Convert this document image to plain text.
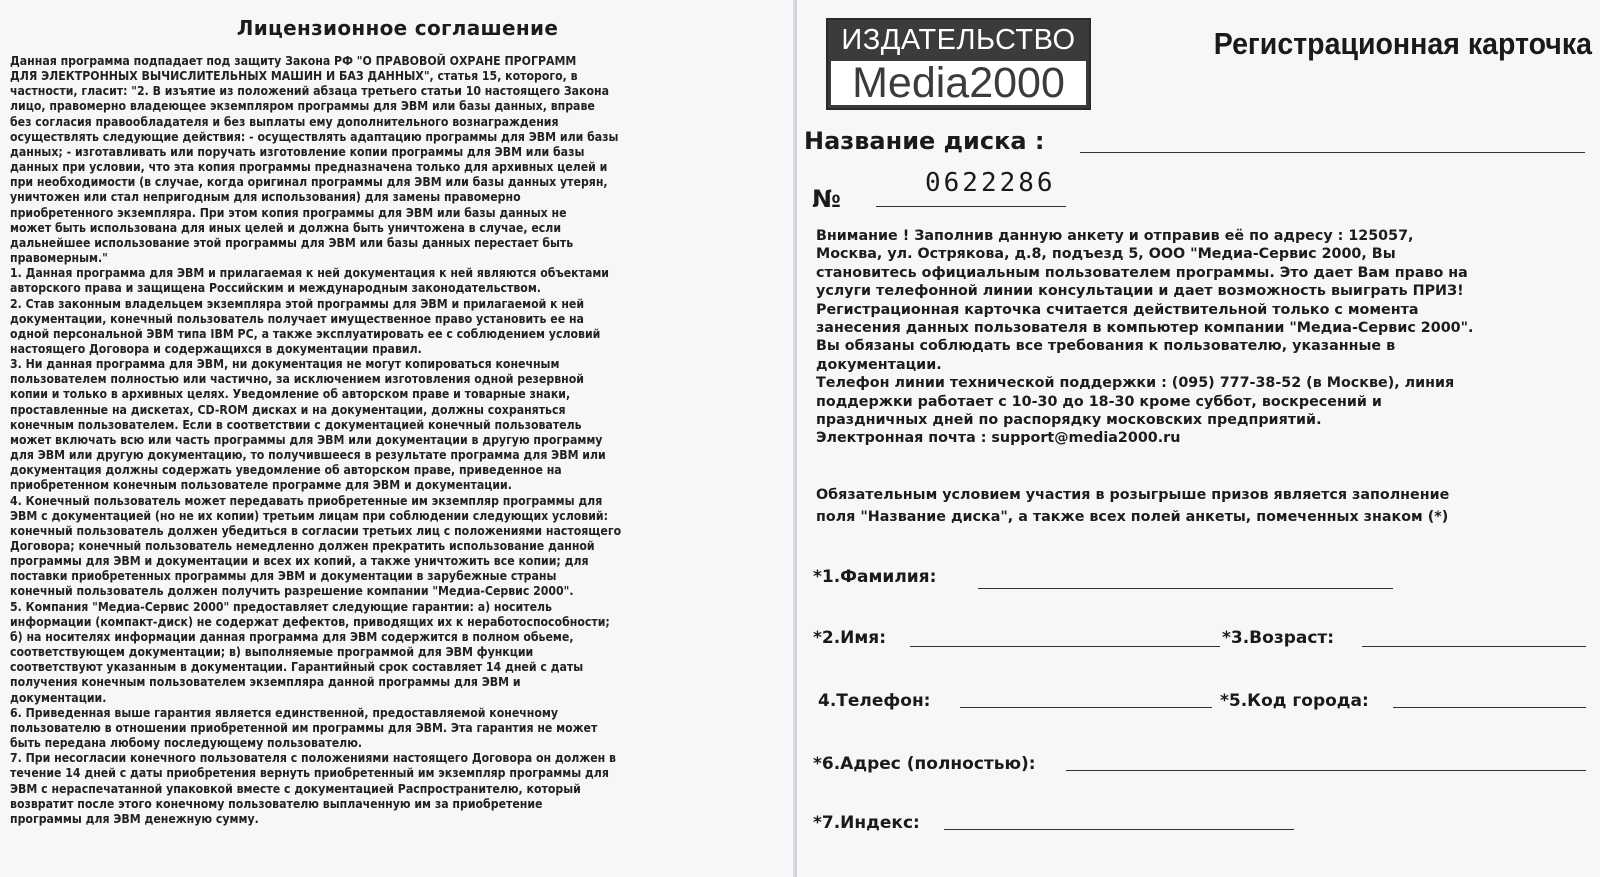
Лицензионное соглашение
Данная программа подпадает под защиту Закона РФ "О ПРАВОВОЙ ОХРАНЕ ПРОГРАММ
ДЛЯ ЭЛЕКТРОННЫХ ВЫЧИСЛИТЕЛЬНЫХ МАШИН И БАЗ ДАННЫХ", статья 15, которого, в
частности, гласит: "2. В изъятие из положений абзаца третьего статьи 10 настоящего Закона
лицо, правомерно владеющее экземпляром программы для ЭВМ или базы данных, вправе
без согласия правообладателя и без выплаты ему дополнительного вознаграждения
осуществлять следующие действия: - осуществлять адаптацию программы для ЭВМ или базы
данных; - изготавливать или поручать изготовление копии программы для ЭВМ или базы
данных при условии, что эта копия программы предназначена только для архивных целей и
при необходимости (в случае, когда оригинал программы для ЭВМ или базы данных утерян,
уничтожен или стал непригодным для использования) для замены правомерно
приобретенного экземпляра. При этом копия программы для ЭВМ или базы данных не
может быть использована для иных целей и должна быть уничтожена в случае, если
дальнейшее использование этой программы для ЭВМ или базы данных перестает быть
правомерным."
1. Данная программа для ЭВМ и прилагаемая к ней документация к ней являются объектами
авторского права и защищена Российским и международным законодательством.
2. Став законным владельцем экземпляра этой программы для ЭВМ и прилагаемой к ней
документации, конечный пользователь получает имущественное право установить ее на
одной персональной ЭВМ типа IBM PC, а также эксплуатировать ее с соблюдением условий
настоящего Договора и содержащихся в документации правил.
3. Ни данная программа для ЭВМ, ни документация не могут копироваться конечным
пользователем полностью или частично, за исключением изготовления одной резервной
копии и только в архивных целях. Уведомление об авторском праве и товарные знаки,
проставленные на дискетах, CD-ROM дисках и на документации, должны сохраняться
конечным пользователем. Если в соответствии с документацией конечный пользователь
может включать всю или часть программы для ЭВМ или документации в другую программу
для ЭВМ или другую документацию, то получившееся в результате программа для ЭВМ или
документация должны содержать уведомление об авторском праве, приведенное на
приобретенном конечным пользователе программе для ЭВМ и документации.
4. Конечный пользователь может передавать приобретенные им экземпляр программы для
ЭВМ с документацией (но не их копии) третьим лицам при соблюдении следующих условий:
конечный пользователь должен убедиться в согласии третьих лиц с положениями настоящего
Договора; конечный пользователь немедленно должен прекратить использование данной
программы для ЭВМ и документации и всех их копий, а также уничтожить все копии; для
поставки приобретенных программы для ЭВМ и документации в зарубежные страны
конечный пользователь должен получить разрешение компании "Медиа-Сервис 2000".
5. Компания "Медиа-Сервис 2000" предоставляет следующие гарантии: а) носитель
информации (компакт-диск) не содержат дефектов, приводящих их к неработоспособности;
б) на носителях информации данная программа для ЭВМ содержится в полном обьеме,
соответствующем документации; в) выполняемые программой для ЭВМ функции
соответствуют указанным в документации. Гарантийный срок составляет 14 дней с даты
получения конечным пользователем экземпляра данной программы для ЭВМ и
документации.
6. Приведенная выше гарантия является единственной, предоставляемой конечному
пользователю в отношении приобретенной им программы для ЭВМ. Эта гарантия не может
быть передана любому последующему пользователю.
7. При несогласии конечного пользователя с положениями настоящего Договора он должен в
течение 14 дней с даты приобретения вернуть приобретенный им экземпляр программы для
ЭВМ с нераспечатанной упаковкой вместе с документацией Распространителю, который
возвратит после этого конечному пользователю выплаченную им за приобретение
программы для ЭВМ денежную сумму.
ИЗДАТЕЛЬСТВО
Media2000
Регистрационная карточка
Название диска :
№
0622286
Внимание ! Заполнив данную анкету и отправив её по адресу : 125057,
Москва, ул. Острякова, д.8, подъезд 5, ООО "Медиа-Сервис 2000, Вы
становитесь официальным пользователем программы. Это дает Вам право на
услуги телефонной линии консультации и дает возможность выиграть ПРИЗ!
Регистрационная карточка считается действительной только с момента
занесения данных пользователя в компьютер компании "Медиа-Сервис 2000".
Вы обязаны соблюдать все требования к пользователю, указанные в
документации.
Телефон линии технической поддержки : (095) 777-38-52 (в Москве), линия
поддержки работает с 10-30 до 18-30 кроме суббот, воскресений и
праздничных дней по распорядку московских предприятий.
Электронная почта : support@media2000.ru
Обязательным условием участия в розыгрыше призов является заполнение
поля "Название диска", а также всех полей анкеты, помеченных знаком (*)
*1.Фамилия:
*2.Имя:	*3.Возраст:
4.Телефон:	*5.Код города:
*6.Адрес (полностью):
*7.Индекс:
